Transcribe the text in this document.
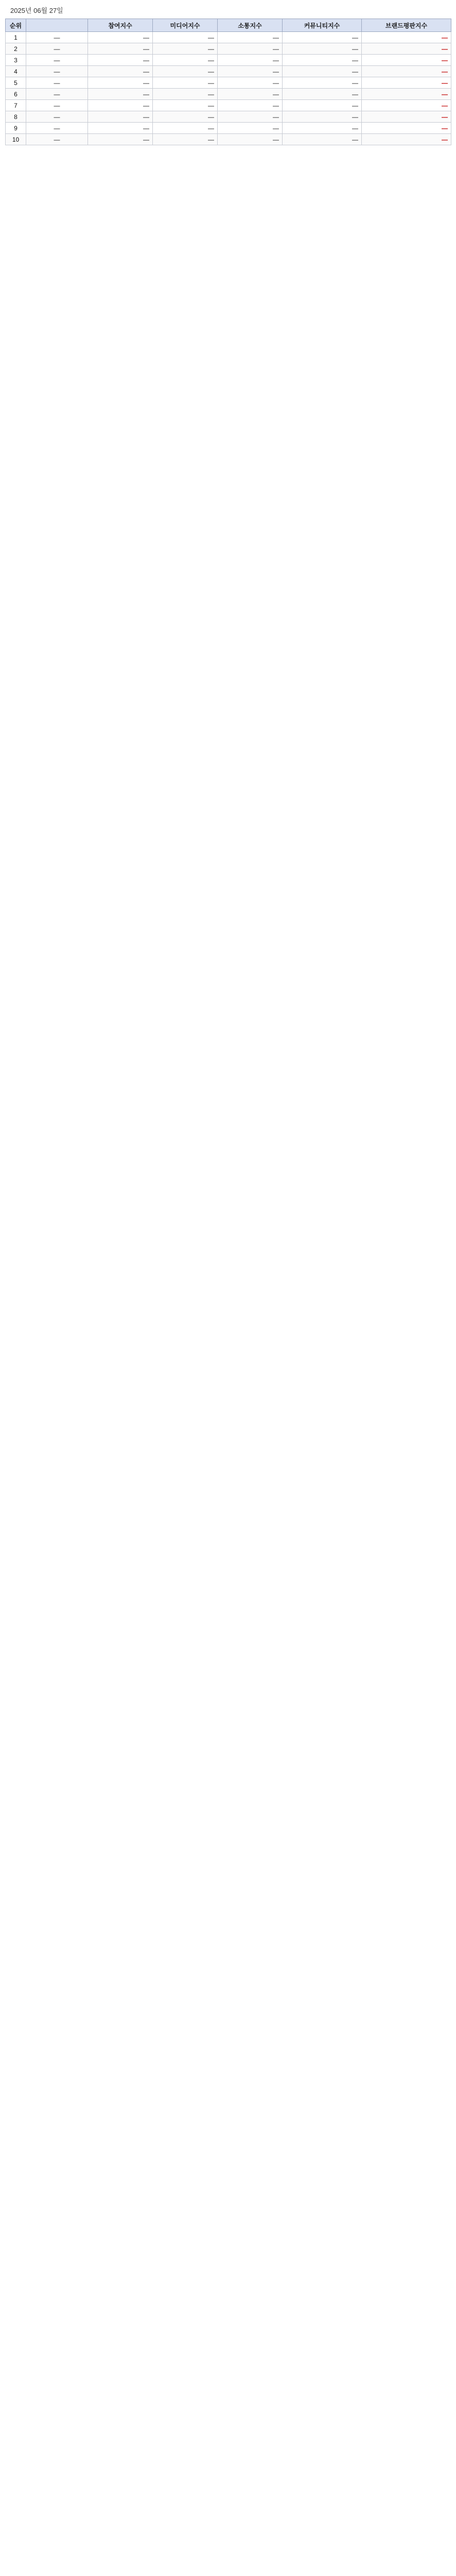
2025년 06월 27일
순위		참여지수	미디어지수	소통지수	커뮤니티지수	브랜드평판지수
1	—	—	—	—	—	—
2	—	—	—	—	—	—
3	—	—	—	—	—	—
4	—	—	—	—	—	—
5	—	—	—	—	—	—
6	—	—	—	—	—	—
7	—	—	—	—	—	—
8	—	—	—	—	—	—
9	—	—	—	—	—	—
10	—	—	—	—	—	—
